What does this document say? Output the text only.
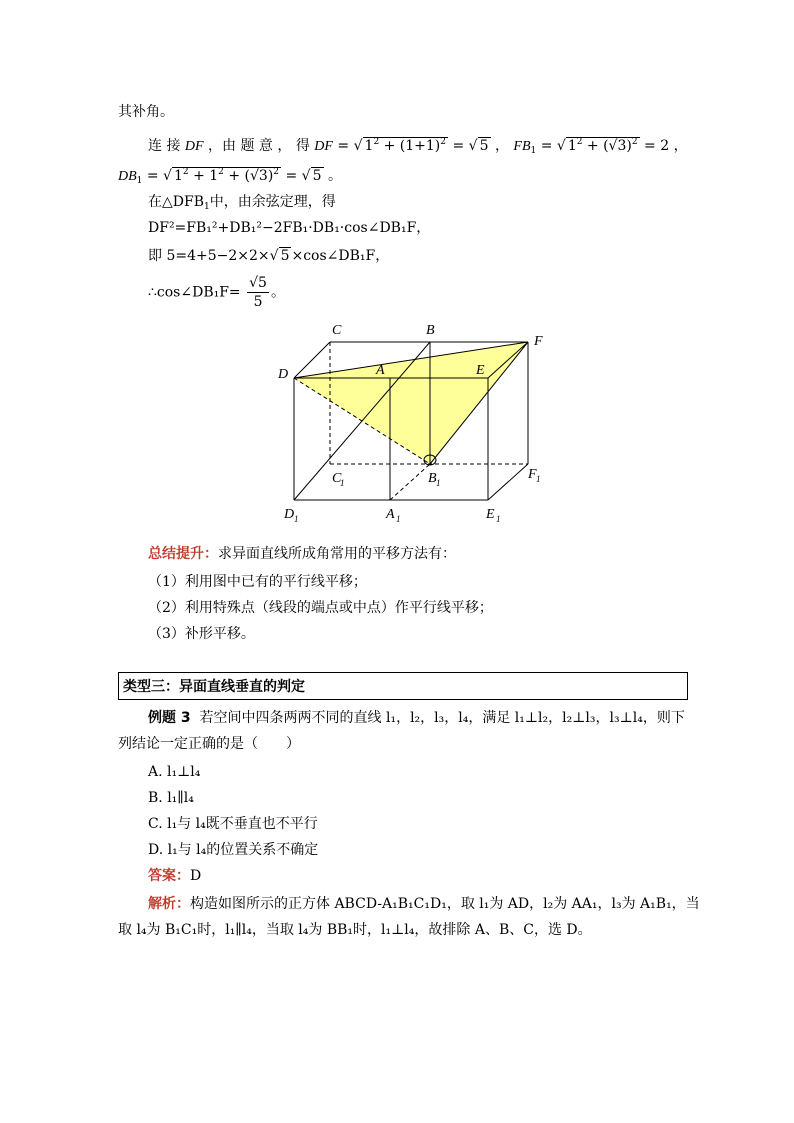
其补角。
连 接 DF ，由 题 意 ， 得 DF = √ $1^2 + (1+1)^2$ = √ 5 ， $FB_1$ = √ $1^2 + (√3)^2 = 2$ ，
$DB_1$ = √ $1^2 + 1^2 + (√3)^2$ = √ 5 。
在$\triangle DFB_1$中，由余弦定理，得
DF²=FB₁²+DB₁²−2FB₁·DB₁·cos∠DB₁F，
即 5=4+5−2×2×√ 5 ×cos∠DB₁F，
∴cos∠DB₁F= $\frac{√5}{5}$ 。
C	B
F
D	A	E
C
1	B 1
F 1
D 1	A 1	E 1
总结提升：求异面直线所成角常用的平移方法有：
（1）利用图中已有的平行线平移；
（2）利用特殊点（线段的端点或中点）作平行线平移；
（3）补形平移。
类型三：异面直线垂直的判定
例题 3 若空间中四条两两不同的直线 l₁，l₂，l₃，l₄，满足 l₁⊥l₂，l₂⊥l₃，l₃⊥l₄，则下
列结论一定正确的是（　　）
A. l₁⊥l₄
B. l₁∥l₄
C. l₁与 l₄既不垂直也不平行
D. l₁与 l₄的位置关系不确定
答案：D
解析：构造如图所示的正方体 ABCD-A₁B₁C₁D₁，取 l₁为 AD，l₂为 AA₁，l₃为 A₁B₁，当
取 l₄为 B₁C₁时，l₁∥l₄，当取 l₄为 BB₁时，l₁⊥l₄，故排除 A、B、C，选 D。
